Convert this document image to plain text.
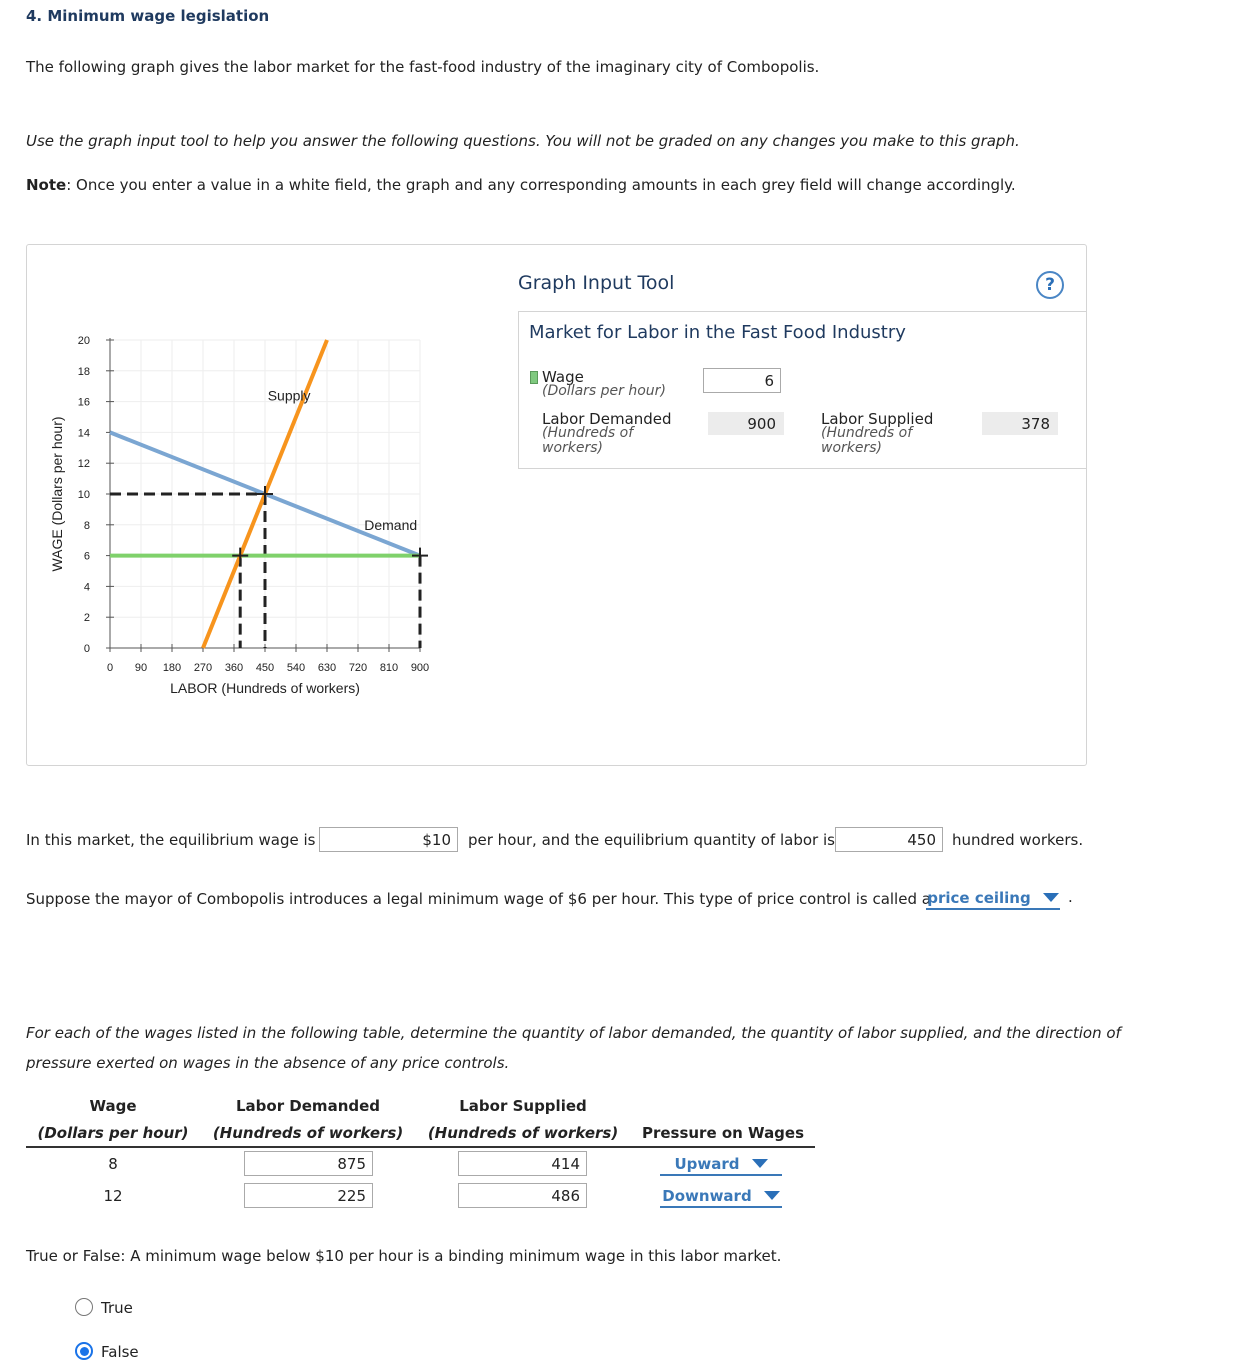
4. Minimum wage legislation
The following graph gives the labor market for the fast-food industry of the imaginary city of Combopolis.
Use the graph input tool to help you answer the following questions. You will not be graded on any changes you make to this graph.
Note: Once you enter a value in a white field, the graph and any corresponding amounts in each grey field will change accordingly.
0
2
4
6
8
10
12
14
16
18
20
0 90 180 270 360 450 540 630 720 810 900
WAGE (Dollars per hour)
LABOR (Hundreds of workers)
Supply
Demand
Graph Input Tool	?
Market for Labor in the Fast Food Industry
Wage
(Dollars per hour)
6
Labor Demanded
(Hundreds of
workers)
900	Labor Supplied
(Hundreds of
workers)
378
In this market, the equilibrium wage is	$10	per hour, and the equilibrium quantity of labor is	450	hundred workers.
Suppose the mayor of Combopolis introduces a legal minimum wage of $6 per hour. This type of price control is called a
price ceiling	.
For each of the wages listed in the following table, determine the quantity of labor demanded, the quantity of labor supplied, and the direction of
pressure exerted on wages in the absence of any price controls.
Wage
(Dollars per hour)
Labor Demanded
(Hundreds of workers)
Labor Supplied
(Hundreds of workers)	Pressure on Wages
8	875	414	Upward
12	225	486	Downward
True or False: A minimum wage below $10 per hour is a binding minimum wage in this labor market.
True
False
